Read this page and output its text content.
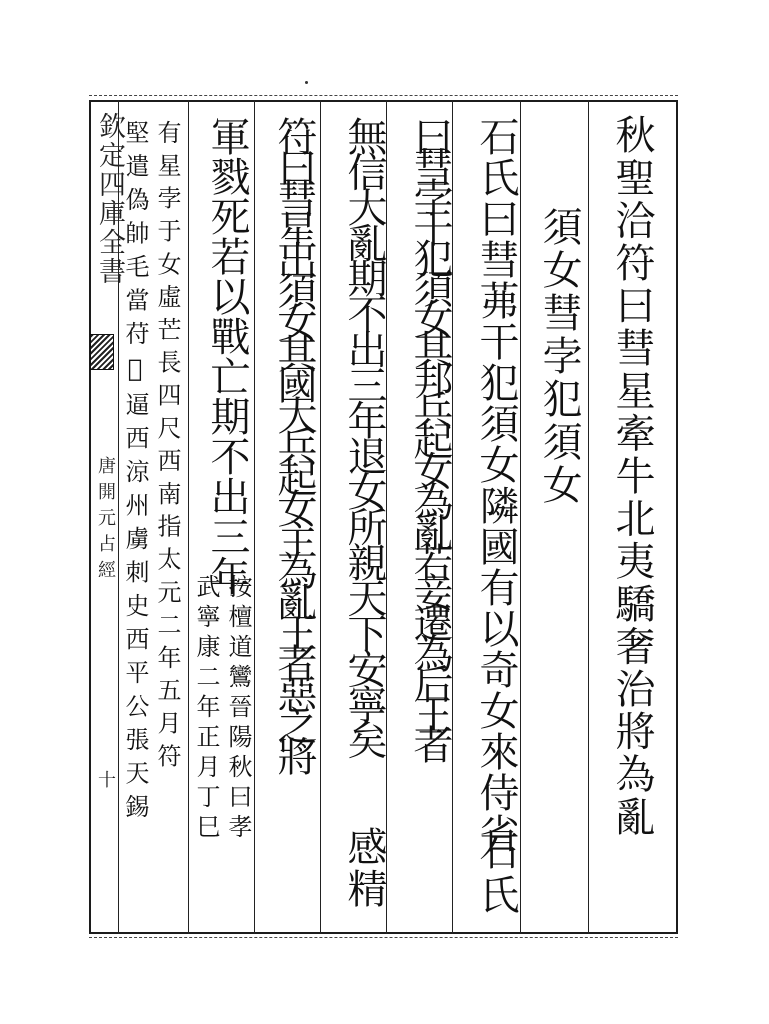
欽定四庫全書
唐開元占經
十	秋聖洽符曰彗星牽牛北夷驕奢治將為亂
須女彗孛犯須女
石氏曰彗茀干犯須女隣國有以奇女來侍省
石氏
曰彗孛干犯須女其邦兵起女為亂若妾遷為后王者
無信大亂期不出三年退女所親天下安寧矣
感精
符曰彗星出須女其國大兵起女主為亂王者惡之將
軍戮死若以戰亡期不出三年
按檀道鸞晉陽秋曰孝
武寧康二年正月丁巳
有星孛于女虛芒長四尺西南指太元二年五月符
堅遣偽帥毛當苻𥚁逼西涼州虜刺史西平公張天錫
